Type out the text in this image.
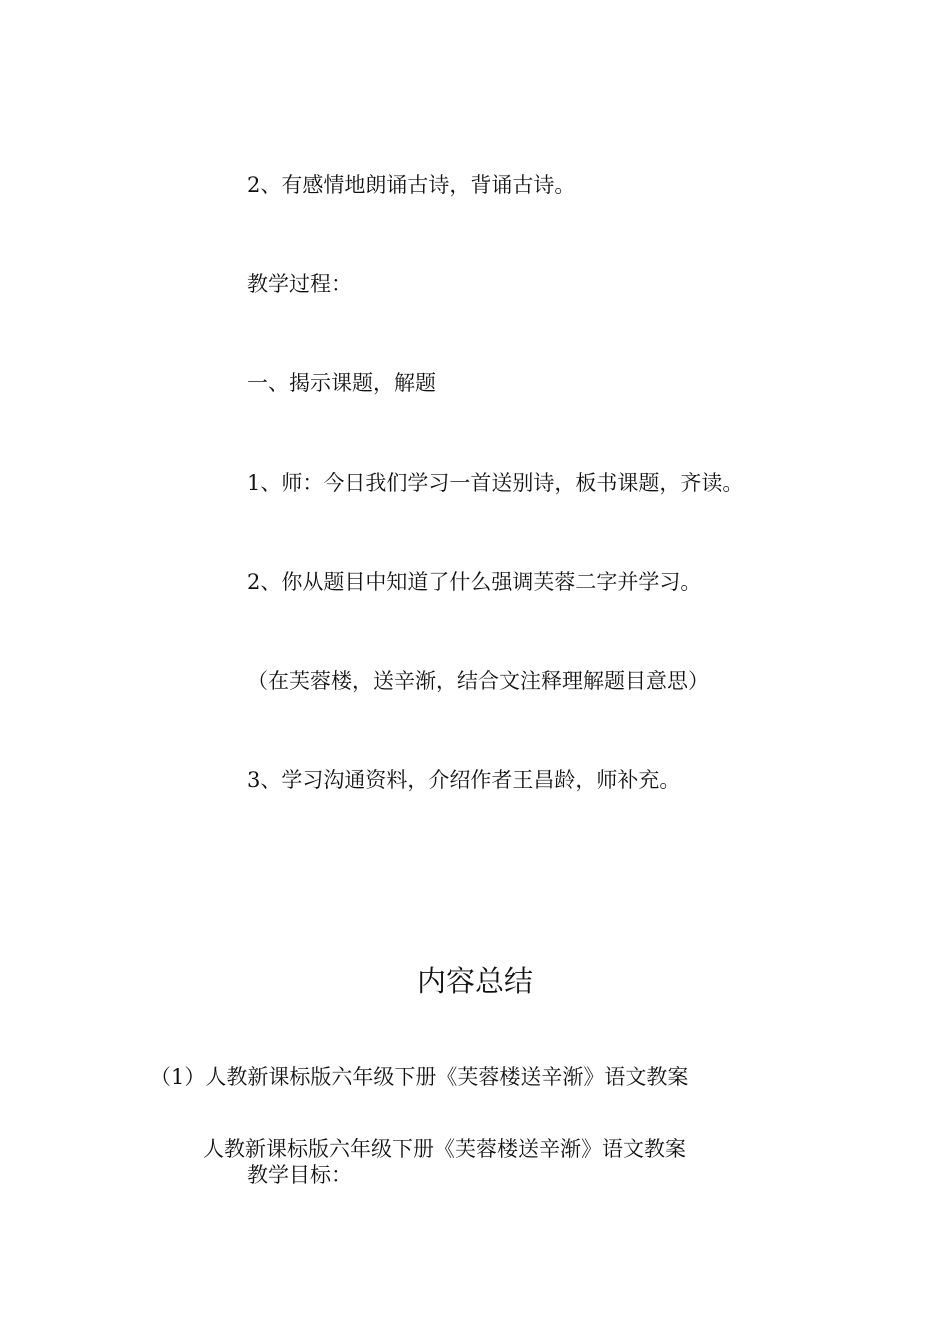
2、有感情地朗诵古诗，背诵古诗。

教学过程：

一、揭示课题，解题

1、师：今日我们学习一首送别诗，板书课题，齐读。

2、你从题目中知道了什么强调芙蓉二字并学习。

（在芙蓉楼，送辛渐，结合文注释理解题目意思）

3、学习沟通资料，介绍作者王昌龄，师补充。

内容总结

（1）人教新课标版六年级下册《芙蓉楼送辛渐》语文教案

人教新课标版六年级下册《芙蓉楼送辛渐》语文教案

教学目标：
